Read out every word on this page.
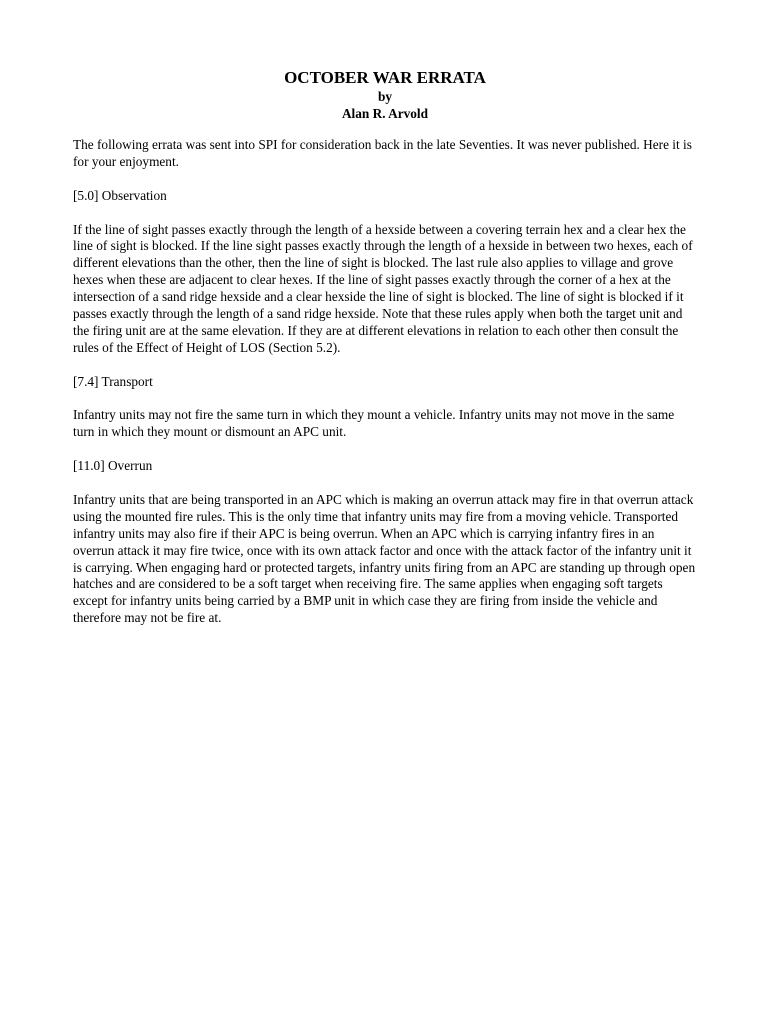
OCTOBER WAR ERRATA
by
Alan R. Arvold

The following errata was sent into SPI for consideration back in the late Seventies. It was never published. Here it is for your enjoyment.

[5.0] Observation

If the line of sight passes exactly through the length of a hexside between a covering terrain hex and a clear hex the line of sight is blocked. If the line sight passes exactly through the length of a hexside in between two hexes, each of different elevations than the other, then the line of sight is blocked. The last rule also applies to village and grove hexes when these are adjacent to clear hexes. If the line of sight passes exactly through the corner of a hex at the intersection of a sand ridge hexside and a clear hexside the line of sight is blocked. The line of sight is blocked if it passes exactly through the length of a sand ridge hexside. Note that these rules apply when both the target unit and the firing unit are at the same elevation. If they are at different elevations in relation to each other then consult the rules of the Effect of Height of LOS (Section 5.2).

[7.4] Transport

Infantry units may not fire the same turn in which they mount a vehicle. Infantry units may not move in the same turn in which they mount or dismount an APC unit.

[11.0] Overrun

Infantry units that are being transported in an APC which is making an overrun attack may fire in that overrun attack using the mounted fire rules. This is the only time that infantry units may fire from a moving vehicle. Transported infantry units may also fire if their APC is being overrun. When an APC which is carrying infantry fires in an overrun attack it may fire twice, once with its own attack factor and once with the attack factor of the infantry unit it is carrying. When engaging hard or protected targets, infantry units firing from an APC are standing up through open hatches and are considered to be a soft target when receiving fire. The same applies when engaging soft targets except for infantry units being carried by a BMP unit in which case they are firing from inside the vehicle and therefore may not be fire at.
